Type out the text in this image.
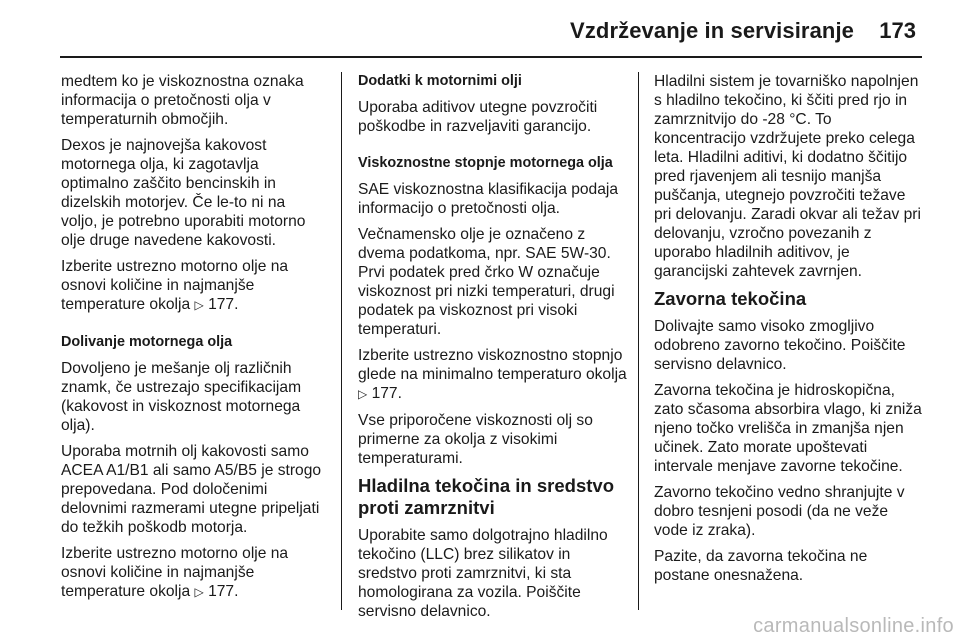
Vzdrževanje in servisiranje 173

medtem ko je viskoznostna oznaka informacija o pretočnosti olja v temperaturnih območjih.

Dexos je najnovejša kakovost motornega olja, ki zagotavlja optimalno zaščito bencinskih in dizelskih motorjev. Če le-to ni na voljo, je potrebno uporabiti motorno olje druge navedene kakovosti.

Izberite ustrezno motorno olje na osnovi količine in najmanjše temperature okolja ▷ 177.

Dolivanje motornega olja

Dovoljeno je mešanje olj različnih znamk, če ustrezajo specifikacijam (kakovost in viskoznost motornega olja).

Uporaba motrnih olj kakovosti samo ACEA A1/B1 ali samo A5/B5 je strogo prepovedana. Pod določenimi delovnimi razmerami utegne pripeljati do težkih poškodb motorja.

Izberite ustrezno motorno olje na osnovi količine in najmanjše temperature okolja ▷ 177.

Dodatki k motornimi olji

Uporaba aditivov utegne povzročiti poškodbe in razveljaviti garancijo.

Viskoznostne stopnje motornega olja

SAE viskoznostna klasifikacija podaja informacijo o pretočnosti olja.

Večnamensko olje je označeno z dvema podatkoma, npr. SAE 5W-30. Prvi podatek pred črko W označuje viskoznost pri nizki temperaturi, drugi podatek pa viskoznost pri visoki temperaturi.

Izberite ustrezno viskoznostno stopnjo glede na minimalno temperaturo okolja ▷ 177.

Vse priporočene viskoznosti olj so primerne za okolja z visokimi temperaturami.

Hladilna tekočina in sredstvo proti zamrznitvi

Uporabite samo dolgotrajno hladilno tekočino (LLC) brez silikatov in sredstvo proti zamrznitvi, ki sta homologirana za vozila. Poiščite servisno delavnico.

Hladilni sistem je tovarniško napolnjen s hladilno tekočino, ki ščiti pred rjo in zamrznitvijo do -28 °C. To koncentracijo vzdržujete preko celega leta. Hladilni aditivi, ki dodatno ščitijo pred rjavenjem ali tesnijo manjša puščanja, utegnejo povzročiti težave pri delovanju. Zaradi okvar ali težav pri delovanju, vzročno povezanih z uporabo hladilnih aditivov, je garancijski zahtevek zavrnjen.

Zavorna tekočina

Dolivajte samo visoko zmogljivo odobreno zavorno tekočino. Poiščite servisno delavnico.

Zavorna tekočina je hidroskopična, zato sčasoma absorbira vlago, ki zniža njeno točko vrelišča in zmanjša njen učinek. Zato morate upoštevati intervale menjave zavorne tekočine.

Zavorno tekočino vedno shranjujte v dobro tesnjeni posodi (da ne veže vode iz zraka).

Pazite, da zavorna tekočina ne postane onesnažena.

carmanualsonline.info
